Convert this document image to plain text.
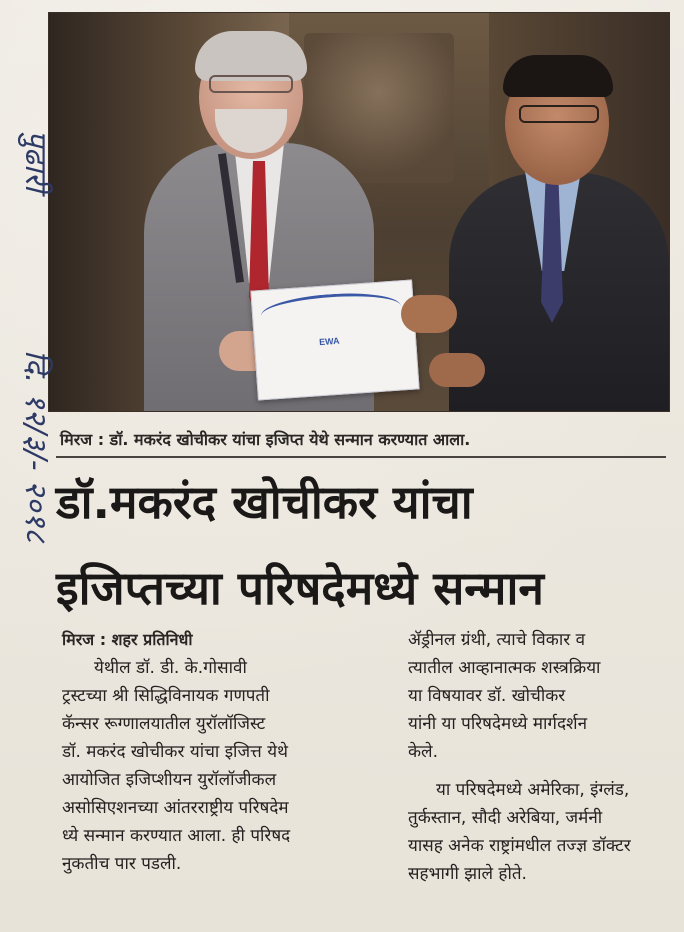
EWA
मिरज : डॉ. मकरंद खोचीकर यांचा इजिप्त येथे सन्मान करण्यात आला.
डॉ.मकरंद खोचीकर यांचा
इजिप्तच्या परिषदेमध्ये सन्मान
मिरज : शहर प्रतिनिधी

येथील डॉ. डी. के.गोसावी

ट्रस्टच्या श्री सिद्धिविनायक गणपती

कॅन्सर रूग्णालयातील युरॉलॉजिस्ट

डॉ. मकरंद खोचीकर यांचा इजित्त येथे

आयोजित इजिप्शीयन युरॉलॉजीकल

असोसिएशनच्या आंतरराष्ट्रीय परिषदेम

ध्ये सन्मान करण्यात आला. ही परिषद

नुकतीच पार पडली.

ॲड्रीनल ग्रंथी, त्याचे विकार व

त्यातील आव्हानात्मक शस्त्रक्रिया

या विषयावर डॉ. खोचीकर

यांनी या परिषदेमध्ये मार्गदर्शन

केले.

या परिषदेमध्ये अमेरिका, इंग्लंड,

तुर्कस्तान, सौदी अरेबिया, जर्मनी

यासह अनेक राष्ट्रांमधील तज्ज्ञ डॉक्टर

सहभागी झाले होते.

पुढारी
दि. १२/३/- २०१८
